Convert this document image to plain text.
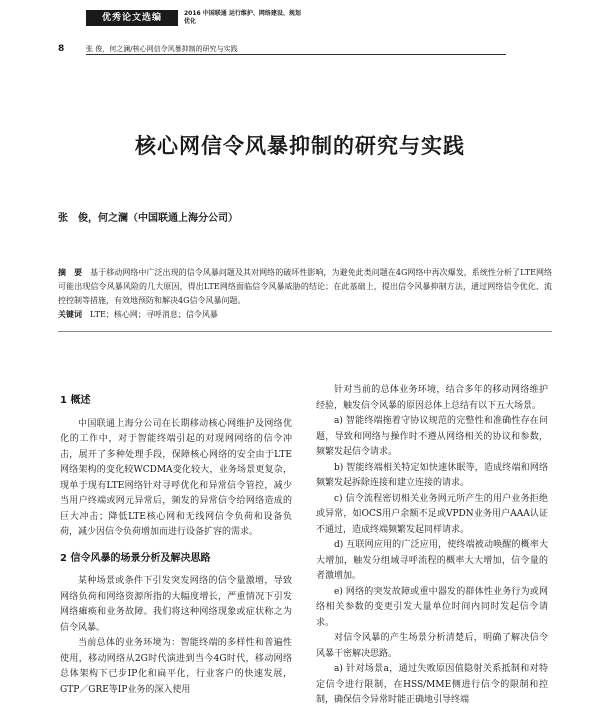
8
优秀论文选编	2016 中国联通 运行维护、网络建设、规划优化
张 俊，何之澜/核心网信令风暴抑制的研究与实践
核心网信令风暴抑制的研究与实践
张　俊，何之澜（中国联通上海分公司）
摘　要 基于移动网络中广泛出现的信令风暴问题及其对网络的破坏性影响，为避免此类问题在4G网络中再次爆发，系统性分析了LTE网络可能出现信令风暴风险的几大原因，得出LTE网络面临信令风暴威胁的结论；在此基础上，提出信令风暴抑制方法，通过网络信令优化、流控控制等措施，有效地预防和解决4G信令风暴问题。
关键词 LTE；核心网；寻呼消息；信令风暴
1 概述

中国联通上海分公司在长期移动核心网维护及网络优化的工作中，对于智能终端引起的对现网网络的信令冲击，展开了多种处理手段，保障核心网络的安全由于LTE网络架构的变化较WCDMA变化较大，业务场景更复杂，现单于现有LTE网络针对寻呼优化和异常信令管控，减少当用户终端或网元异常后，频发的异常信令给网络造成的巨大冲击；降低LTE核心网和无线网信令负荷和设备负荷，减少因信令负荷增加而进行设备扩容的需求。

2 信令风暴的场景分析及解决思路

某种场景或条件下引发突发网络的信令量激增，导致网络负荷和网络资源所指的大幅度增长，严重情况下引发网络瘫痪和业务故障。我们将这种网络现象或症状称之为信令风暴。

当前总体的业务环境为：智能终端的多样性和普遍性使用，移动网络从2G时代演进到当今4G时代，移动网络总体架构下已步IP化和扁平化，行业客户的快速发展，GTP／GRE等IP业务的深入使用

针对当前的总体业务环境，结合多年的移动网络维护经验，触发信令风暴的原因总体上总结有以下五大场景。

a) 智能终端拖着守协议规范的完整性和准确性存在问题，导致和网络与操作时不遵从网络相关的协议和参数，频繁发起信令请求。

b) 智能终端相关特定如快速休眠等，造成终端和网络频繁发起拆除连接和建立连接的请求。

c) 信令流程密切相关业务网元所产生的用户业务拒绝或异常，如OCS用户余额不足或VPDN业务用户AAA认证不通过，造成终端频繁发起同样请求。

d) 互联网应用的广泛应用，使终端被动唤醒的概率大大增加，触发分组域寻呼流程的概率大大增加，信令量的者激增加。

e) 网络的突发故障或重中器发的群体性业务行为或网络相关参数的变更引发大量单位时间内同时发起信令请求。

对信令风暴的产生场景分析清楚后，明确了解决信令风暴干密解决思路。

a) 针对场景a，通过失败原因值隐射关系抵制和对特定信令进行限制，在HSS/MME侧进行信令的限制和控制，确保信令异常时能正确地引导终端
